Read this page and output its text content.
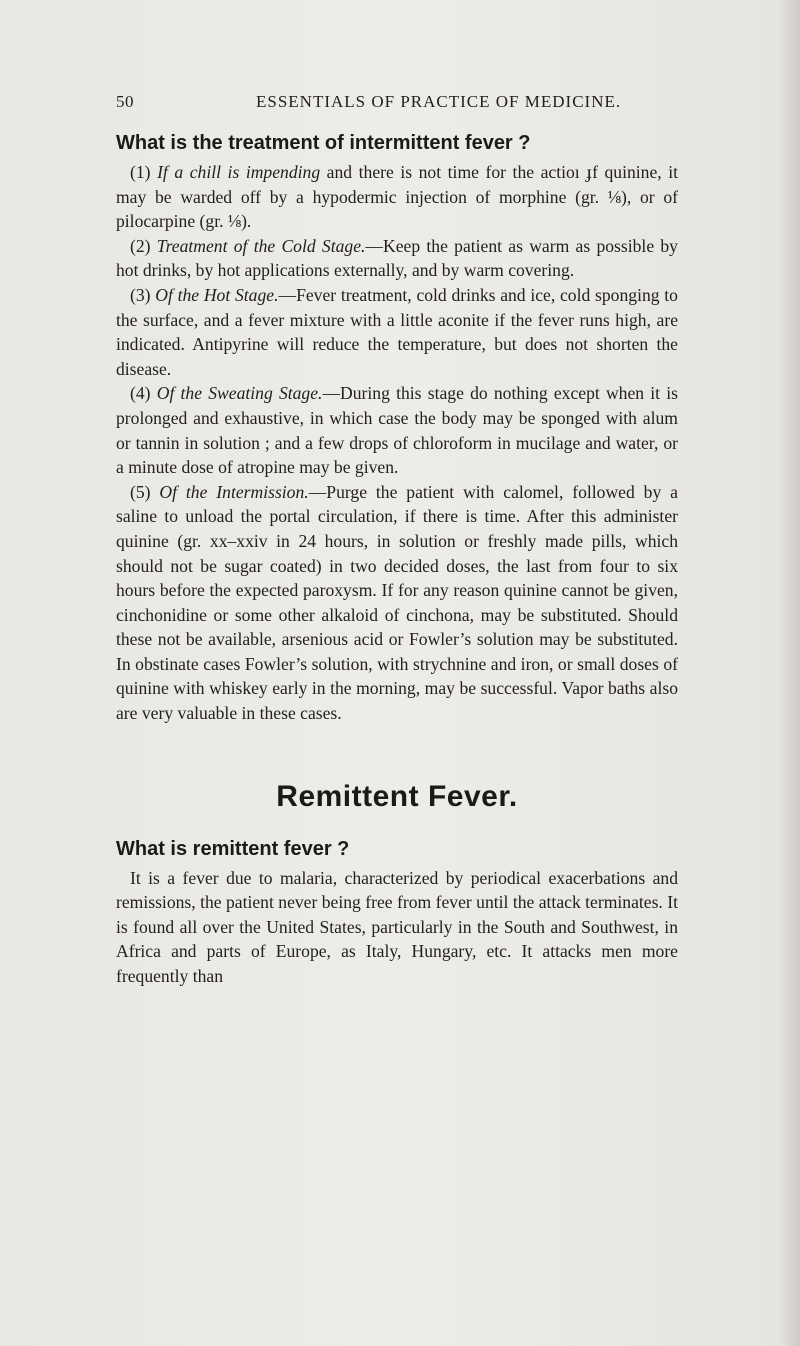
50	ESSENTIALS OF PRACTICE OF MEDICINE.
What is the treatment of intermittent fever ?

(1) If a chill is impending and there is not time for the actioı ɟf quinine, it may be warded off by a hypodermic injection of morphine (gr. ⅛), or of pilocarpine (gr. ⅛).

(2) Treatment of the Cold Stage.—Keep the patient as warm as possible by hot drinks, by hot applications externally, and by warm covering.

(3) Of the Hot Stage.—Fever treatment, cold drinks and ice, cold sponging to the surface, and a fever mixture with a little aconite if the fever runs high, are indicated. Antipyrine will reduce the temperature, but does not shorten the disease.

(4) Of the Sweating Stage.—During this stage do nothing except when it is prolonged and exhaustive, in which case the body may be sponged with alum or tannin in solution ; and a few drops of chloroform in mucilage and water, or a minute dose of atropine may be given.

(5) Of the Intermission.—Purge the patient with calomel, followed by a saline to unload the portal circulation, if there is time. After this administer quinine (gr. xx–xxiv in 24 hours, in solution or freshly made pills, which should not be sugar coated) in two decided doses, the last from four to six hours before the expected paroxysm. If for any reason quinine cannot be given, cinchonidine or some other alkaloid of cinchona, may be substituted. Should these not be available, arsenious acid or Fowler’s solution may be substituted. In obstinate cases Fowler’s solution, with strychnine and iron, or small doses of quinine with whiskey early in the morning, may be successful. Vapor baths also are very valuable in these cases.

Remittent Fever.
What is remittent fever ?

It is a fever due to malaria, characterized by periodical exacerbations and remissions, the patient never being free from fever until the attack terminates. It is found all over the United States, particularly in the South and Southwest, in Africa and parts of Europe, as Italy, Hungary, etc. It attacks men more frequently than
